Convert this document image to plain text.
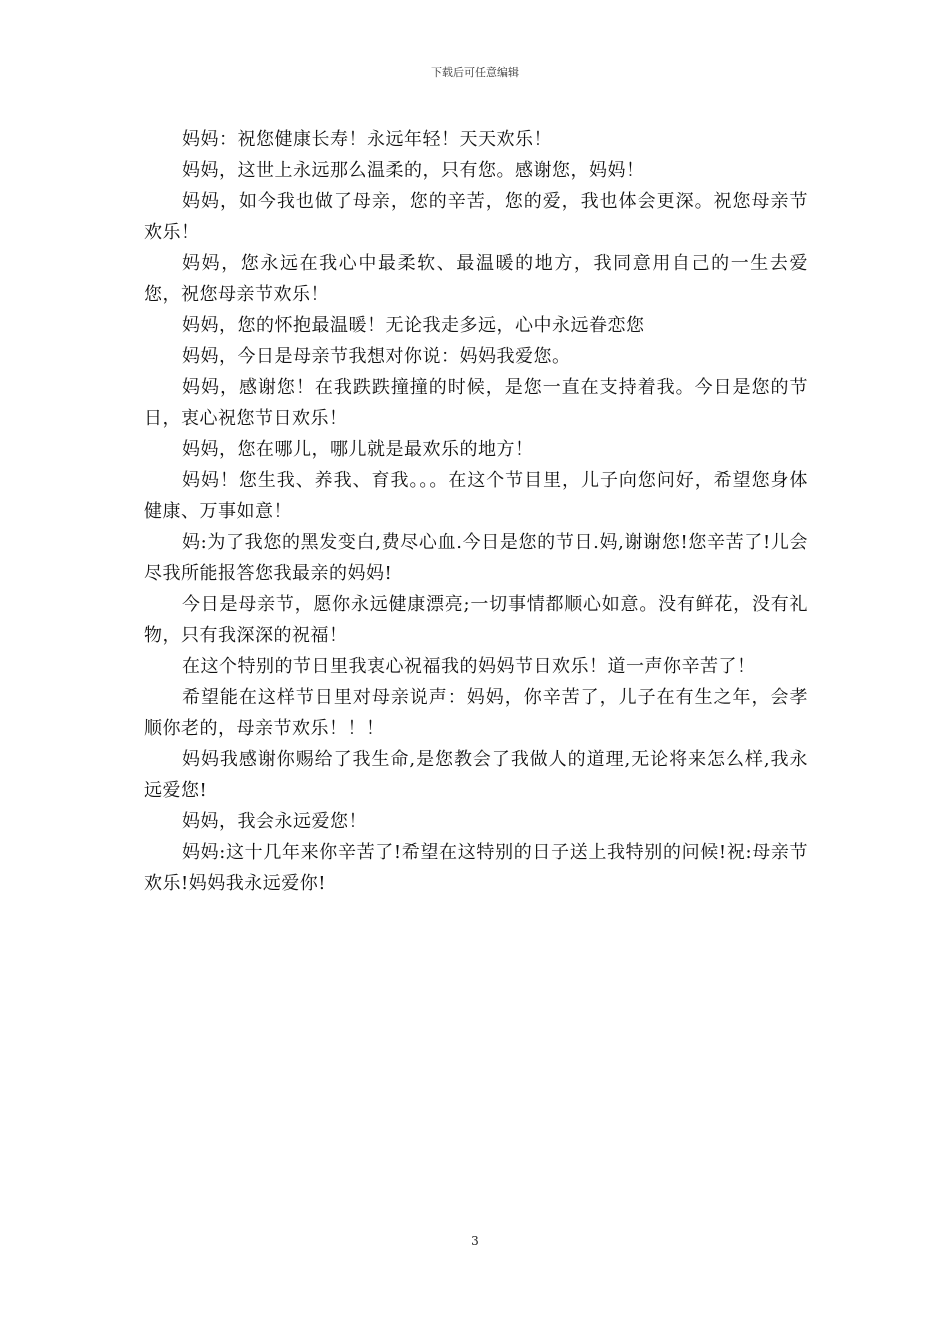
下载后可任意编辑

妈妈：祝您健康长寿！永远年轻！天天欢乐！

妈妈，这世上永远那么温柔的，只有您。感谢您，妈妈！

妈妈，如今我也做了母亲，您的辛苦，您的爱，我也体会更深。祝您母亲节欢乐！

妈妈，您永远在我心中最柔软、最温暖的地方，我同意用自己的一生去爱您，祝您母亲节欢乐！

妈妈，您的怀抱最温暖！无论我走多远，心中永远眷恋您

妈妈，今日是母亲节我想对你说：妈妈我爱您。

妈妈，感谢您！在我跌跌撞撞的时候，是您一直在支持着我。今日是您的节日，衷心祝您节日欢乐！

妈妈，您在哪儿，哪儿就是最欢乐的地方！

妈妈！您生我、养我、育我。。。在这个节目里，儿子向您问好，希望您身体健康、万事如意！

妈:为了我您的黑发变白,费尽心血.今日是您的节日.妈,谢谢您!您辛苦了!儿会尽我所能报答您我最亲的妈妈!

今日是母亲节，愿你永远健康漂亮;一切事情都顺心如意。没有鲜花，没有礼物，只有我深深的祝福！

在这个特别的节日里我衷心祝福我的妈妈节日欢乐！道一声你辛苦了！

希望能在这样节日里对母亲说声：妈妈，你辛苦了，儿子在有生之年，会孝顺你老的，母亲节欢乐！！！

妈妈我感谢你赐给了我生命,是您教会了我做人的道理,无论将来怎么样,我永远爱您!

妈妈，我会永远爱您！

妈妈:这十几年来你辛苦了!希望在这特别的日子送上我特别的问候!祝:母亲节欢乐!妈妈我永远爱你!

3
